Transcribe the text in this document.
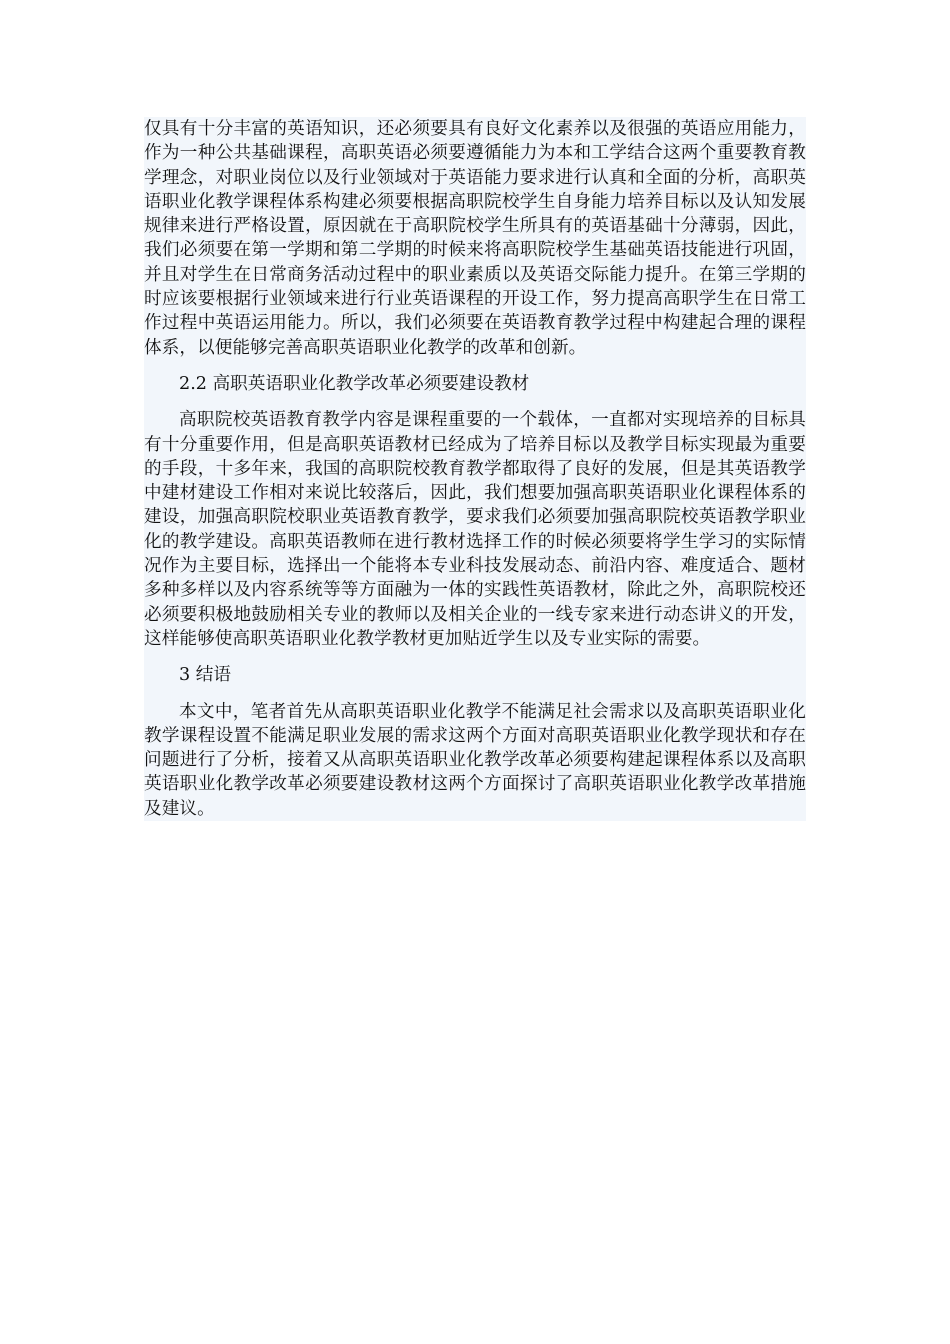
仅具有十分丰富的英语知识，还必须要具有良好文化素养以及很强的英语应用能力，作为一种公共基础课程，高职英语必须要遵循能力为本和工学结合这两个重要教育教学理念，对职业岗位以及行业领域对于英语能力要求进行认真和全面的分析，高职英语职业化教学课程体系构建必须要根据高职院校学生自身能力培养目标以及认知发展规律来进行严格设置，原因就在于高职院校学生所具有的英语基础十分薄弱，因此，我们必须要在第一学期和第二学期的时候来将高职院校学生基础英语技能进行巩固，并且对学生在日常商务活动过程中的职业素质以及英语交际能力提升。在第三学期的时应该要根据行业领域来进行行业英语课程的开设工作，努力提高高职学生在日常工作过程中英语运用能力。所以，我们必须要在英语教育教学过程中构建起合理的课程体系，以便能够完善高职英语职业化教学的改革和创新。

2.2 高职英语职业化教学改革必须要建设教材

高职院校英语教育教学内容是课程重要的一个载体，一直都对实现培养的目标具有十分重要作用，但是高职英语教材已经成为了培养目标以及教学目标实现最为重要的手段，十多年来，我国的高职院校教育教学都取得了良好的发展，但是其英语教学中建材建设工作相对来说比较落后，因此，我们想要加强高职英语职业化课程体系的建设，加强高职院校职业英语教育教学，要求我们必须要加强高职院校英语教学职业化的教学建设。高职英语教师在进行教材选择工作的时候必须要将学生学习的实际情况作为主要目标，选择出一个能将本专业科技发展动态、前沿内容、难度适合、题材多种多样以及内容系统等等方面融为一体的实践性英语教材，除此之外，高职院校还必须要积极地鼓励相关专业的教师以及相关企业的一线专家来进行动态讲义的开发，这样能够使高职英语职业化教学教材更加贴近学生以及专业实际的需要。

3 结语

本文中，笔者首先从高职英语职业化教学不能满足社会需求以及高职英语职业化教学课程设置不能满足职业发展的需求这两个方面对高职英语职业化教学现状和存在问题进行了分析，接着又从高职英语职业化教学改革必须要构建起课程体系以及高职英语职业化教学改革必须要建设教材这两个方面探讨了高职英语职业化教学改革措施及建议。
